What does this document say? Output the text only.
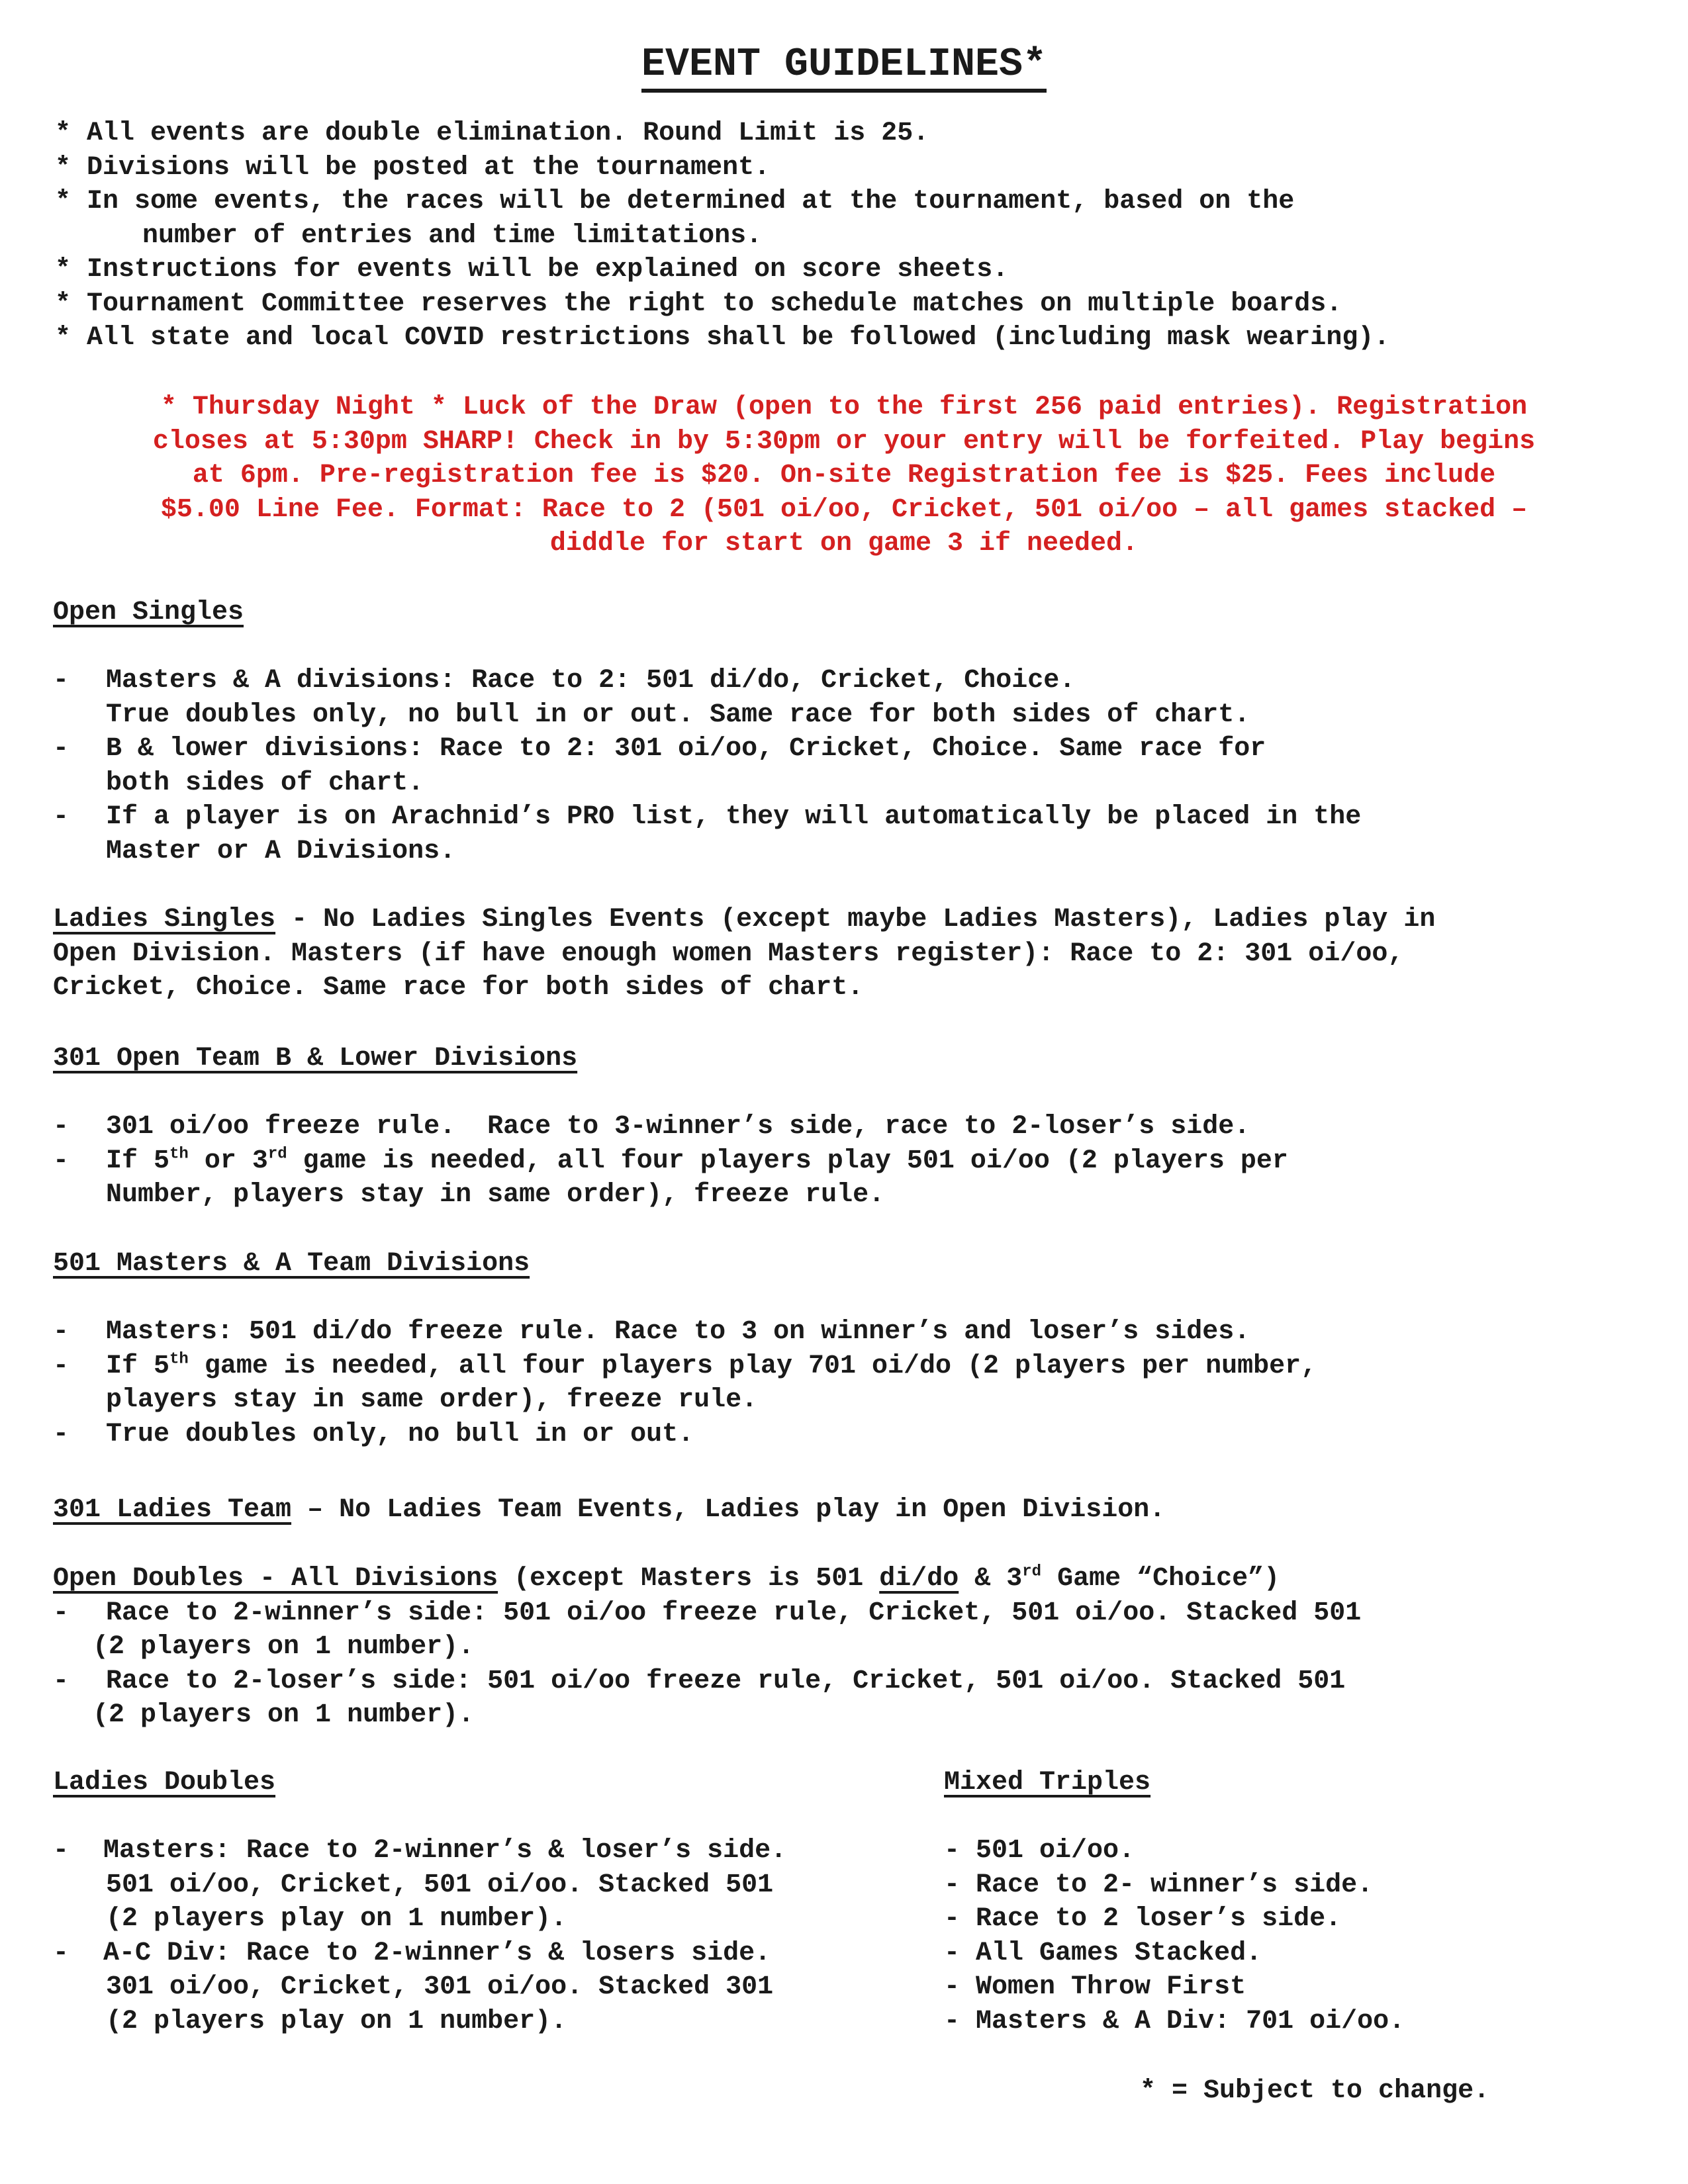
EVENT GUIDELINES*
* All events are double elimination. Round Limit is 25.
* Divisions will be posted at the tournament.
* In some events, the races will be determined at the tournament, based on the
number of entries and time limitations.
* Instructions for events will be explained on score sheets.
* Tournament Committee reserves the right to schedule matches on multiple boards.
* All state and local COVID restrictions shall be followed (including mask wearing).
* Thursday Night * Luck of the Draw (open to the first 256 paid entries). Registration
closes at 5:30pm SHARP! Check in by 5:30pm or your entry will be forfeited. Play begins
at 6pm. Pre-registration fee is $20. On-site Registration fee is $25. Fees include
$5.00 Line Fee. Format: Race to 2 (501 oi/oo, Cricket, 501 oi/oo – all games stacked –
diddle for start on game 3 if needed.
Open Singles

-	Masters & A divisions: Race to 2: 501 di/do, Cricket, Choice.
True doubles only, no bull in or out. Same race for both sides of chart.
-	B & lower divisions: Race to 2: 301 oi/oo, Cricket, Choice. Same race for
both sides of chart.
-	If a player is on Arachnid’s PRO list, they will automatically be placed in the
Master or A Divisions.
Ladies Singles - No Ladies Singles Events (except maybe Ladies Masters), Ladies play in
Open Division. Masters (if have enough women Masters register): Race to 2: 301 oi/oo,
Cricket, Choice. Same race for both sides of chart.
301 Open Team B & Lower Divisions

-	301 oi/oo freeze rule.  Race to 3-winner’s side, race to 2-loser’s side.
-	If 5th or 3rd game is needed, all four players play 501 oi/oo (2 players per
Number, players stay in same order), freeze rule.
501 Masters & A Team Divisions

-	Masters: 501 di/do freeze rule. Race to 3 on winner’s and loser’s sides.
-	If 5th game is needed, all four players play 701 oi/do (2 players per number,
players stay in same order), freeze rule.
-	True doubles only, no bull in or out.
301 Ladies Team – No Ladies Team Events, Ladies play in Open Division.
Open Doubles - All Divisions (except Masters is 501 di/do & 3rd Game “Choice”)
-	Race to 2-winner’s side: 501 oi/oo freeze rule, Cricket, 501 oi/oo. Stacked 501
(2 players on 1 number).
-	Race to 2-loser’s side: 501 oi/oo freeze rule, Cricket, 501 oi/oo. Stacked 501
(2 players on 1 number).
Ladies Doubles

-	Masters: Race to 2-winner’s & loser’s side.
501 oi/oo, Cricket, 501 oi/oo. Stacked 501
(2 players play on 1 number).
-	A-C Div: Race to 2-winner’s & losers side.
301 oi/oo, Cricket, 301 oi/oo. Stacked 301
(2 players play on 1 number).
Mixed Triples

- 501 oi/oo.
- Race to 2- winner’s side.
- Race to 2 loser’s side.
- All Games Stacked.
- Women Throw First
- Masters & A Div: 701 oi/oo.
* = Subject to change.
